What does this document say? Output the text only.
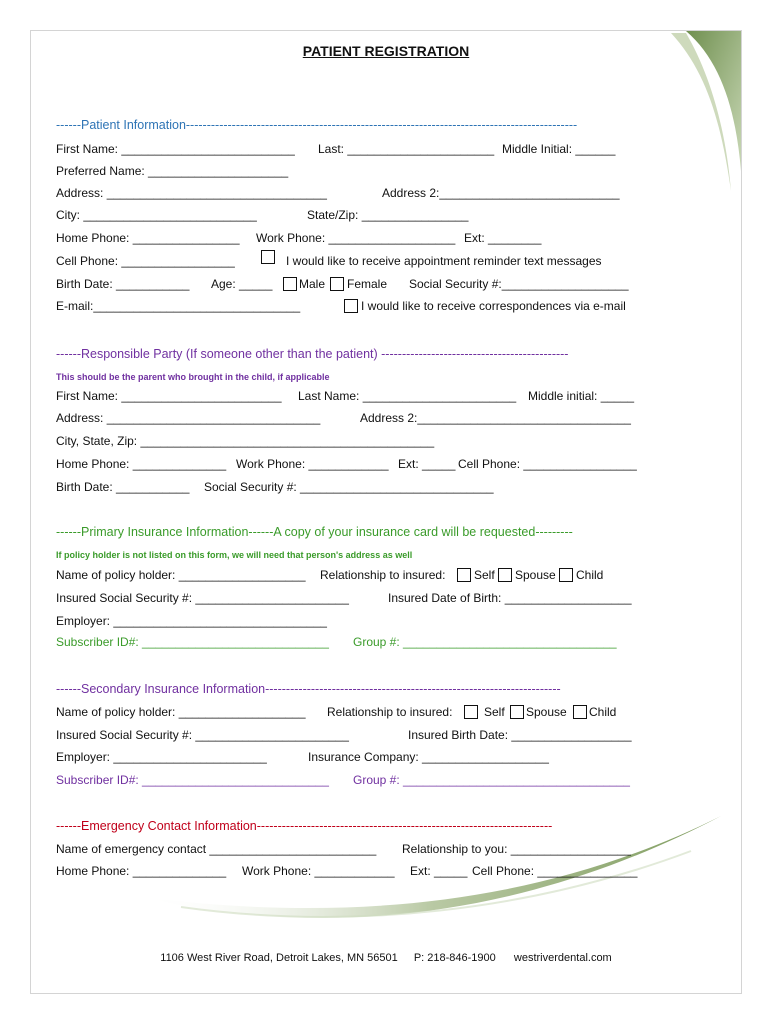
PATIENT REGISTRATION
------Patient Information----------------------------------------------------------------------------------------------
First Name: __________________________ Last: ______________________ Middle Initial: ______
Preferred Name: _____________________
Address: _________________________________	Address 2:___________________________
City: __________________________	State/Zip: ________________
Home Phone: ________________ Work Phone: ___________________ Ext: ________
Cell Phone: _________________	I would like to receive appointment reminder text messages
Birth Date: ___________ Age: _____ Male Female Social Security #:___________________
E-mail:_______________________________	I would like to receive correspondences via e-mail
------Responsible Party (If someone other than the patient) ---------------------------------------------
This should be the parent who brought in the child, if applicable
First Name: ________________________ Last Name: _______________________ Middle initial: _____
Address: ________________________________	Address 2:________________________________
City, State, Zip: ____________________________________________
Home Phone: ______________ Work Phone: ____________ Ext: _____ Cell Phone: _________________
Birth Date: ___________ Social Security #: _____________________________
------Primary Insurance Information------A copy of your insurance card will be requested---------
If policy holder is not listed on this form, we will need that person's address as well
Name of policy holder: ___________________ Relationship to insured: Self Spouse Child
Insured Social Security #: _______________________	Insured Date of Birth: ___________________
Employer: ________________________________
Subscriber ID#: ____________________________ Group #: ________________________________
------Secondary Insurance Information-----------------------------------------------------------------------
Name of policy holder: ___________________ Relationship to insured:	Self Spouse Child
Insured Social Security #: _______________________	Insured Birth Date: __________________
Employer: _______________________	Insurance Company: ___________________
Subscriber ID#: ____________________________ Group #: __________________________________
------Emergency Contact Information-----------------------------------------------------------------------
Name of emergency contact _________________________ Relationship to you: __________________
Home Phone: ______________ Work Phone: ____________ Ext: _____ Cell Phone: _______________
1106 West River Road, Detroit Lakes, MN 56501 P: 218-846-1900 westriverdental.com
